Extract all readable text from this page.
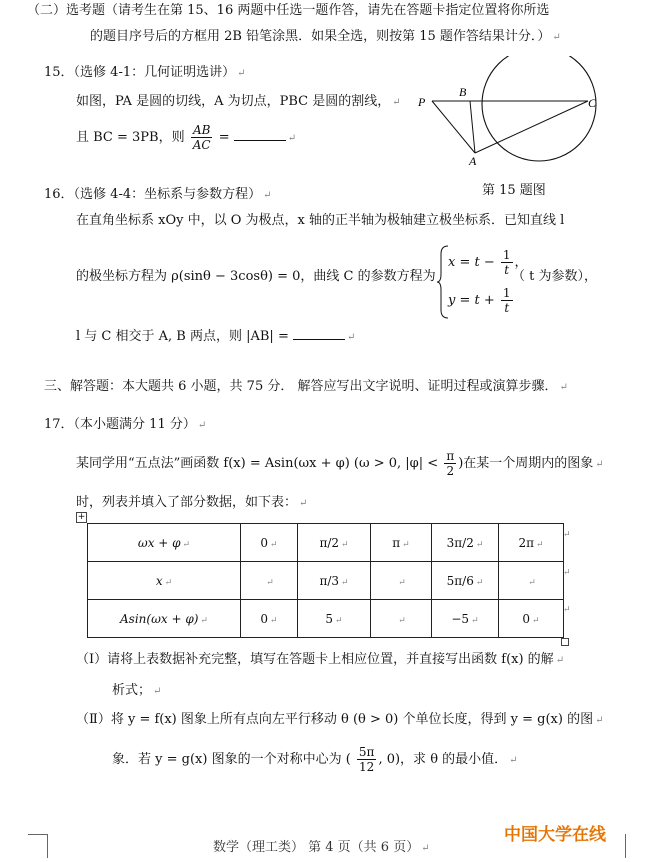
（二）选考题（请考生在第 15、16 两题中任选一题作答，请先在答题卡指定位置将你所选
的题目序号后的方框用 2B 铅笔涂黑．如果全选，则按第 15 题作答结果计分．） ↵
15．（选修 4-1：几何证明选讲） ↵
如图，PA 是圆的切线，A 为切点，PBC 是圆的割线， ↵
且 BC = 3PB，则 $\frac{AB}{AC}$ =	↵
P
B
C
A
第 15 题图
16．（选修 4-4：坐标系与参数方程） ↵
在直角坐标系 xOy 中，以 O 为极点，x 轴的正半轴为极轴建立极坐标系．已知直线 l
的极坐标方程为 ρ(sinθ − 3cosθ) = 0，曲线 C 的参数方程为
$x = t - \frac{1}{t}$ ，
$y = t + \frac{1}{t}$
（ t 为参数），
l 与 C 相交于 A, B 两点，则 |AB| =	↵
三、解答题：本大题共 6 小题，共 75 分． 解答应写出文字说明、证明过程或演算步骤． ↵
17．（本小题满分 11 分） ↵
某同学用“五点法”画函数 f(x) = Asin(ωx + φ) (ω > 0, $|\varphi| < \frac{\pi}{2}$ )在某一个周期内的图象 ↵
时，列表并填入了部分数据，如下表： ↵
+
ωx + φ ↵	0 ↵	π/2 ↵	π ↵	3π/2 ↵	2π ↵
x ↵	↵	π/3 ↵	↵	5π/6 ↵	↵
Asin(ωx + φ) ↵	0 ↵	5 ↵	↵	−5 ↵	0 ↵
↵
↵
↵
（Ⅰ）请将上表数据补充完整，填写在答题卡上相应位置，并直接写出函数 f(x) 的解 ↵
析式； ↵
（Ⅱ）将 y = f(x) 图象上所有点向左平行移动 θ (θ > 0) 个单位长度，得到 y = g(x) 的图 ↵
象．若 y = g(x) 图象的一个对称中心为 ( $\frac{5\pi}{12}$ , 0)，求 θ 的最小值． ↵
数学（理工类） 第 4 页（共 6 页） ↵
中国大学在线
